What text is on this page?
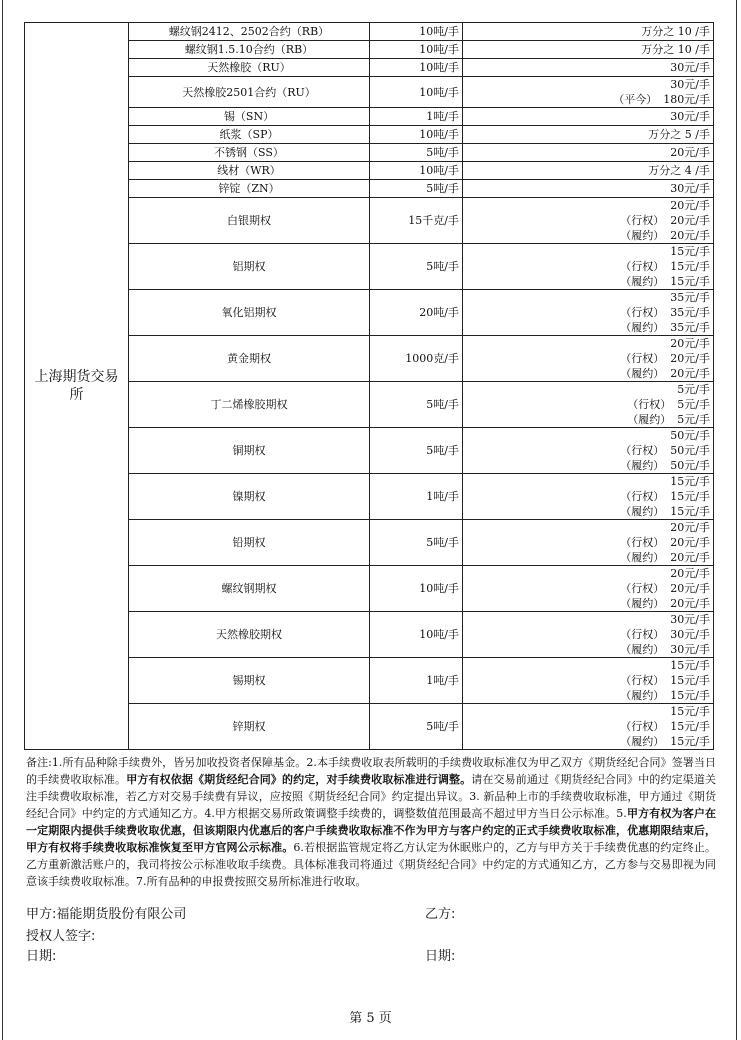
上海期货交易所	螺纹钢2412、2502合约（RB）	10吨/手	万分之 10 /手

	螺纹钢1.5.10合约（RB）	10吨/手	万分之 10 /手

	天然橡胶（RU）	10吨/手	30元/手

	天然橡胶2501合约（RU）	10吨/手	30元/手
（平今） 180元/手

	锡（SN）	1吨/手	30元/手

	纸浆（SP）	10吨/手	万分之 5 /手

	不锈钢（SS）	5吨/手	20元/手

	线材（WR）	10吨/手	万分之 4 /手

	锌锭（ZN）	5吨/手	30元/手

	白银期权	15千克/手	20元/手
（行权） 20元/手
（履约） 20元/手

	铝期权	5吨/手	15元/手
（行权） 15元/手
（履约） 15元/手

	氧化铝期权	20吨/手	35元/手
（行权） 35元/手
（履约） 35元/手

	黄金期权	1000克/手	20元/手
（行权） 20元/手
（履约） 20元/手

	丁二烯橡胶期权	5吨/手	5元/手
（行权） 5元/手
（履约） 5元/手

	铜期权	5吨/手	50元/手
（行权） 50元/手
（履约） 50元/手

	镍期权	1吨/手	15元/手
（行权） 15元/手
（履约） 15元/手

	铅期权	5吨/手	20元/手
（行权） 20元/手
（履约） 20元/手

	螺纹钢期权	10吨/手	20元/手
（行权） 20元/手
（履约） 20元/手

	天然橡胶期权	10吨/手	30元/手
（行权） 30元/手
（履约） 30元/手

	锡期权	1吨/手	15元/手
（行权） 15元/手
（履约） 15元/手

	锌期权	5吨/手	15元/手
（行权） 15元/手
（履约） 15元/手
备注:1.所有品种除手续费外，皆另加收投资者保障基金。2.本手续费收取表所载明的手续费收取标准仅为甲乙双方《期货经纪合同》签署当日的手续费收取标准。甲方有权依据《期货经纪合同》的约定，对手续费收取标准进行调整。请在交易前通过《期货经纪合同》中的约定渠道关注手续费收取标准，若乙方对交易手续费有异议，应按照《期货经纪合同》约定提出异议。3. 新品种上市的手续费收取标准，甲方通过《期货经纪合同》中约定的方式通知乙方。4.甲方根据交易所政策调整手续费的，调整数值范围最高不超过甲方当日公示标准。5.甲方有权为客户在一定期限内提供手续费收取优惠，但该期限内优惠后的客户手续费收取标准不作为甲方与客户约定的正式手续费收取标准，优惠期限结束后，甲方有权将手续费收取标准恢复至甲方官网公示标准。6.若根据监管规定将乙方认定为休眠账户的，乙方与甲方关于手续费优惠的约定终止。乙方重新激活账户的，我司将按公示标准收取手续费。具体标准我司将通过《期货经纪合同》中约定的方式通知乙方，乙方参与交易即视为同意该手续费收取标准。7.所有品种的申报费按照交易所标准进行收取。
甲方:福能期货股份有限公司	乙方:
授权人签字:
日期:	日期:
第 5 页
